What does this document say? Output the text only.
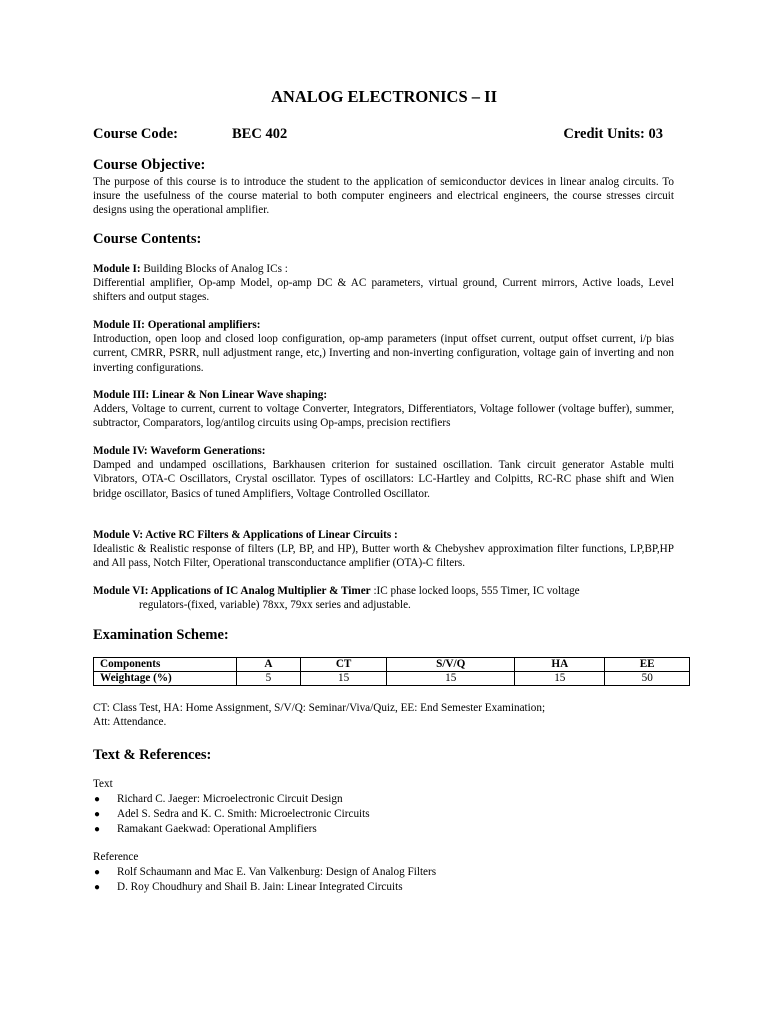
ANALOG ELECTRONICS – II
Course Code:	BEC 402	Credit Units: 03
Course Objective:
The purpose of this course is to introduce the student to the application of semiconductor devices in linear analog circuits. To insure the usefulness of the course material to both computer engineers and electrical engineers, the course stresses circuit designs using the operational amplifier.
Course Contents:
Module I: Building Blocks of Analog ICs :
Differential amplifier, Op-amp Model, op-amp DC & AC parameters, virtual ground, Current mirrors, Active loads, Level shifters and output stages.
Module II: Operational amplifiers:
Introduction, open loop and closed loop configuration, op-amp parameters (input offset current, output offset current, i/p bias current, CMRR, PSRR, null adjustment range, etc,) Inverting and non-inverting configuration, voltage gain of inverting and non inverting configurations.
Module III: Linear & Non Linear Wave shaping:
Adders, Voltage to current, current to voltage Converter, Integrators, Differentiators, Voltage follower (voltage buffer), summer, subtractor, Comparators, log/antilog circuits using Op-amps, precision rectifiers
Module IV: Waveform Generations:
Damped and undamped oscillations, Barkhausen criterion for sustained oscillation. Tank circuit generator Astable multi Vibrators, OTA-C Oscillators, Crystal oscillator. Types of oscillators: LC-Hartley and Colpitts, RC-RC phase shift and Wien bridge oscillator, Basics of tuned Amplifiers, Voltage Controlled Oscillator.
Module V: Active RC Filters & Applications of Linear Circuits :
Idealistic & Realistic response of filters (LP, BP, and HP), Butter worth & Chebyshev approximation filter functions, LP,BP,HP and All pass, Notch Filter, Operational transconductance amplifier (OTA)-C filters.
Module VI: Applications of IC Analog Multiplier & Timer :IC phase locked loops, 555 Timer, IC voltage
regulators-(fixed, variable) 78xx, 79xx series and adjustable.
Examination Scheme:
Components	A	CT	S/V/Q	HA	EE
Weightage (%)	5	15	15	15	50
CT: Class Test, HA: Home Assignment, S/V/Q: Seminar/Viva/Quiz, EE: End Semester Examination;
Att: Attendance.
Text & References:
Text
● Richard C. Jaeger: Microelectronic Circuit Design
● Adel S. Sedra and K. C. Smith: Microelectronic Circuits
● Ramakant Gaekwad: Operational Amplifiers
Reference
● Rolf Schaumann and Mac E. Van Valkenburg: Design of Analog Filters
● D. Roy Choudhury and Shail B. Jain: Linear Integrated Circuits
